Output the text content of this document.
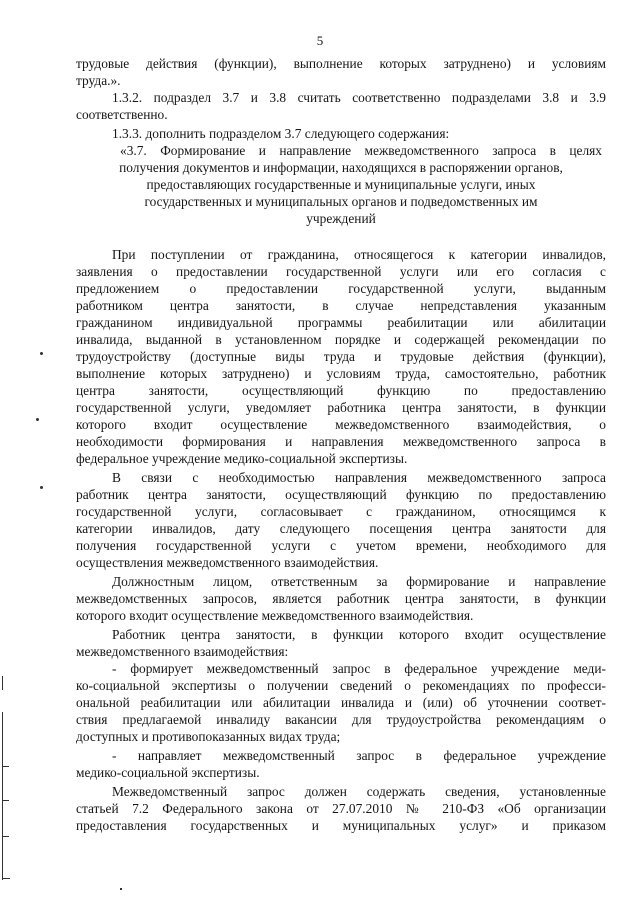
5
трудовые действия (функции), выполнение которых затруднено) и условиям
труда.».
1.3.2. подраздел 3.7 и 3.8 считать соответственно подразделами 3.8 и 3.9
соответственно.
1.3.3. дополнить подразделом 3.7 следующего содержания:
«3.7. Формирование и направление межведомственного запроса в целях
получения документов и информации, находящихся в распоряжении органов,
предоставляющих государственные и муниципальные услуги, иных
государственных и муниципальных органов и подведомственных им
учреждений
При поступлении от гражданина, относящегося к категории инвалидов,
заявления о предоставлении государственной услуги или его согласия с
предложением о предоставлении государственной услуги, выданным
работником центра занятости, в случае непредставления указанным
гражданином индивидуальной программы реабилитации или абилитации
инвалида, выданной в установленном порядке и содержащей рекомендации по
трудоустройству (доступные виды труда и трудовые действия (функции),
выполнение которых затруднено) и условиям труда, самостоятельно, работник
центра занятости, осуществляющий функцию по предоставлению
государственной услуги, уведомляет работника центра занятости, в функции
которого входит осуществление межведомственного взаимодействия, о
необходимости формирования и направления межведомственного запроса в
федеральное учреждение медико-социальной экспертизы.
В связи с необходимостью направления межведомственного запроса
работник центра занятости, осуществляющий функцию по предоставлению
государственной услуги, согласовывает с гражданином, относящимся к
категории инвалидов, дату следующего посещения центра занятости для
получения государственной услуги с учетом времени, необходимого для
осуществления межведомственного взаимодействия.
Должностным лицом, ответственным за формирование и направление
межведомственных запросов, является работник центра занятости, в функции
которого входит осуществление межведомственного взаимодействия.
Работник центра занятости, в функции которого входит осуществление
межведомственного взаимодействия:
- формирует межведомственный запрос в федеральное учреждение меди-
ко-социальной экспертизы о получении сведений о рекомендациях по професси-
ональной реабилитации или абилитации инвалида и (или) об уточнении соответ-
ствия предлагаемой инвалиду вакансии для трудоустройства рекомендациям о
доступных и противопоказанных видах труда;
- направляет межведомственный запрос в федеральное учреждение
медико-социальной экспертизы.
Межведомственный запрос должен содержать сведения, установленные
статьей 7.2 Федерального закона от 27.07.2010 № 210-ФЗ «Об организации
предоставления государственных и муниципальных услуг» и приказом
